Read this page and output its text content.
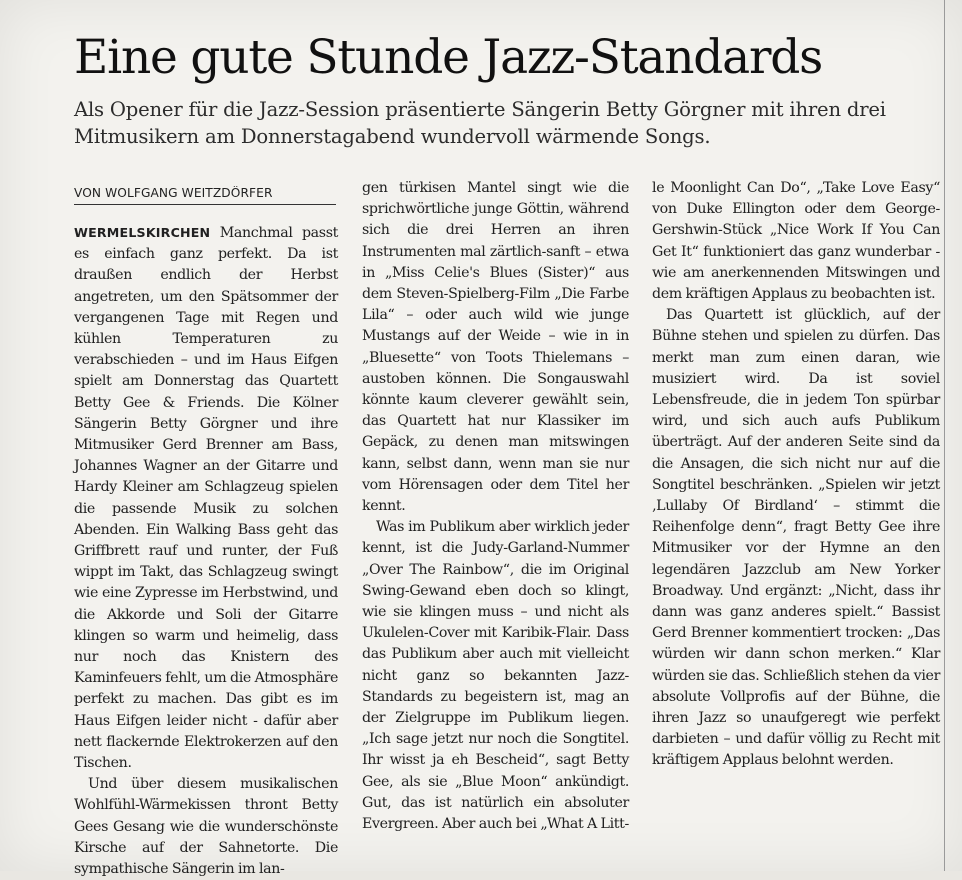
Eine gute Stunde Jazz-Standards

Als Opener für die Jazz-Session präsentierte Sängerin Betty Görgner mit ihren drei Mitmusikern am Donnerstagabend wundervoll wärmende Songs.

VON WOLFGANG WEITZDÖRFER

WERMELSKIRCHEN Manchmal passt es einfach ganz perfekt. Da ist draußen endlich der Herbst angetreten, um den Spätsommer der vergangenen Tage mit Regen und kühlen Temperaturen zu verabschieden – und im Haus Eifgen spielt am Donnerstag das Quartett Betty Gee & Friends. Die Kölner Sängerin Betty Görgner und ihre Mitmusiker Gerd Brenner am Bass, Johannes Wagner an der Gitarre und Hardy Kleiner am Schlagzeug spielen die passende Musik zu solchen Abenden. Ein Walking Bass geht das Griffbrett rauf und runter, der Fuß wippt im Takt, das Schlagzeug swingt wie eine Zypresse im Herbstwind, und die Akkorde und Soli der Gitarre klingen so warm und heimelig, dass nur noch das Knistern des Kaminfeuers fehlt, um die Atmosphäre perfekt zu machen. Das gibt es im Haus Eifgen leider nicht - dafür aber nett flackernde Elektrokerzen auf den Tischen.

Und über diesem musikalischen Wohlfühl-Wärmekissen thront Betty Gees Gesang wie die wunderschönste Kirsche auf der Sahnetorte. Die sympathische Sängerin im lan-

gen türkisen Mantel singt wie die sprichwörtliche junge Göttin, während sich die drei Herren an ihren Instrumenten mal zärtlich-sanft – etwa in „Miss Celie's Blues (Sister)“ aus dem Steven-Spielberg-Film „Die Farbe Lila“ – oder auch wild wie junge Mustangs auf der Weide – wie in in „Bluesette“ von Toots Thielemans – austoben können. Die Songauswahl könnte kaum cleverer gewählt sein, das Quartett hat nur Klassiker im Gepäck, zu denen man mitswingen kann, selbst dann, wenn man sie nur vom Hörensagen oder dem Titel her kennt.

Was im Publikum aber wirklich jeder kennt, ist die Judy-Garland-Nummer „Over The Rainbow“, die im Original Swing-Gewand eben doch so klingt, wie sie klingen muss – und nicht als Ukulelen-Cover mit Karibik-Flair. Dass das Publikum aber auch mit vielleicht nicht ganz so bekannten Jazz-Standards zu begeistern ist, mag an der Zielgruppe im Publikum liegen. „Ich sage jetzt nur noch die Songtitel. Ihr wisst ja eh Bescheid“, sagt Betty Gee, als sie „Blue Moon“ ankündigt. Gut, das ist natürlich ein absoluter Evergreen. Aber auch bei „What A Litt-

le Moonlight Can Do“, „Take Love Easy“ von Duke Ellington oder dem George-Gershwin-Stück „Nice Work If You Can Get It“ funktioniert das ganz wunderbar - wie am anerkennenden Mitswingen und dem kräftigen Applaus zu beobachten ist.

Das Quartett ist glücklich, auf der Bühne stehen und spielen zu dürfen. Das merkt man zum einen daran, wie musiziert wird. Da ist soviel Lebensfreude, die in jedem Ton spürbar wird, und sich auch aufs Publikum überträgt. Auf der anderen Seite sind da die Ansagen, die sich nicht nur auf die Songtitel beschränken. „Spielen wir jetzt ‚Lullaby Of Birdland‘ – stimmt die Reihenfolge denn“, fragt Betty Gee ihre Mitmusiker vor der Hymne an den legendären Jazzclub am New Yorker Broadway. Und ergänzt: „Nicht, dass ihr dann was ganz anderes spielt.“ Bassist Gerd Brenner kommentiert trocken: „Das würden wir dann schon merken.“ Klar würden sie das. Schließlich stehen da vier absolute Vollprofis auf der Bühne, die ihren Jazz so unaufgeregt wie perfekt darbieten – und dafür völlig zu Recht mit kräftigem Applaus belohnt werden.
